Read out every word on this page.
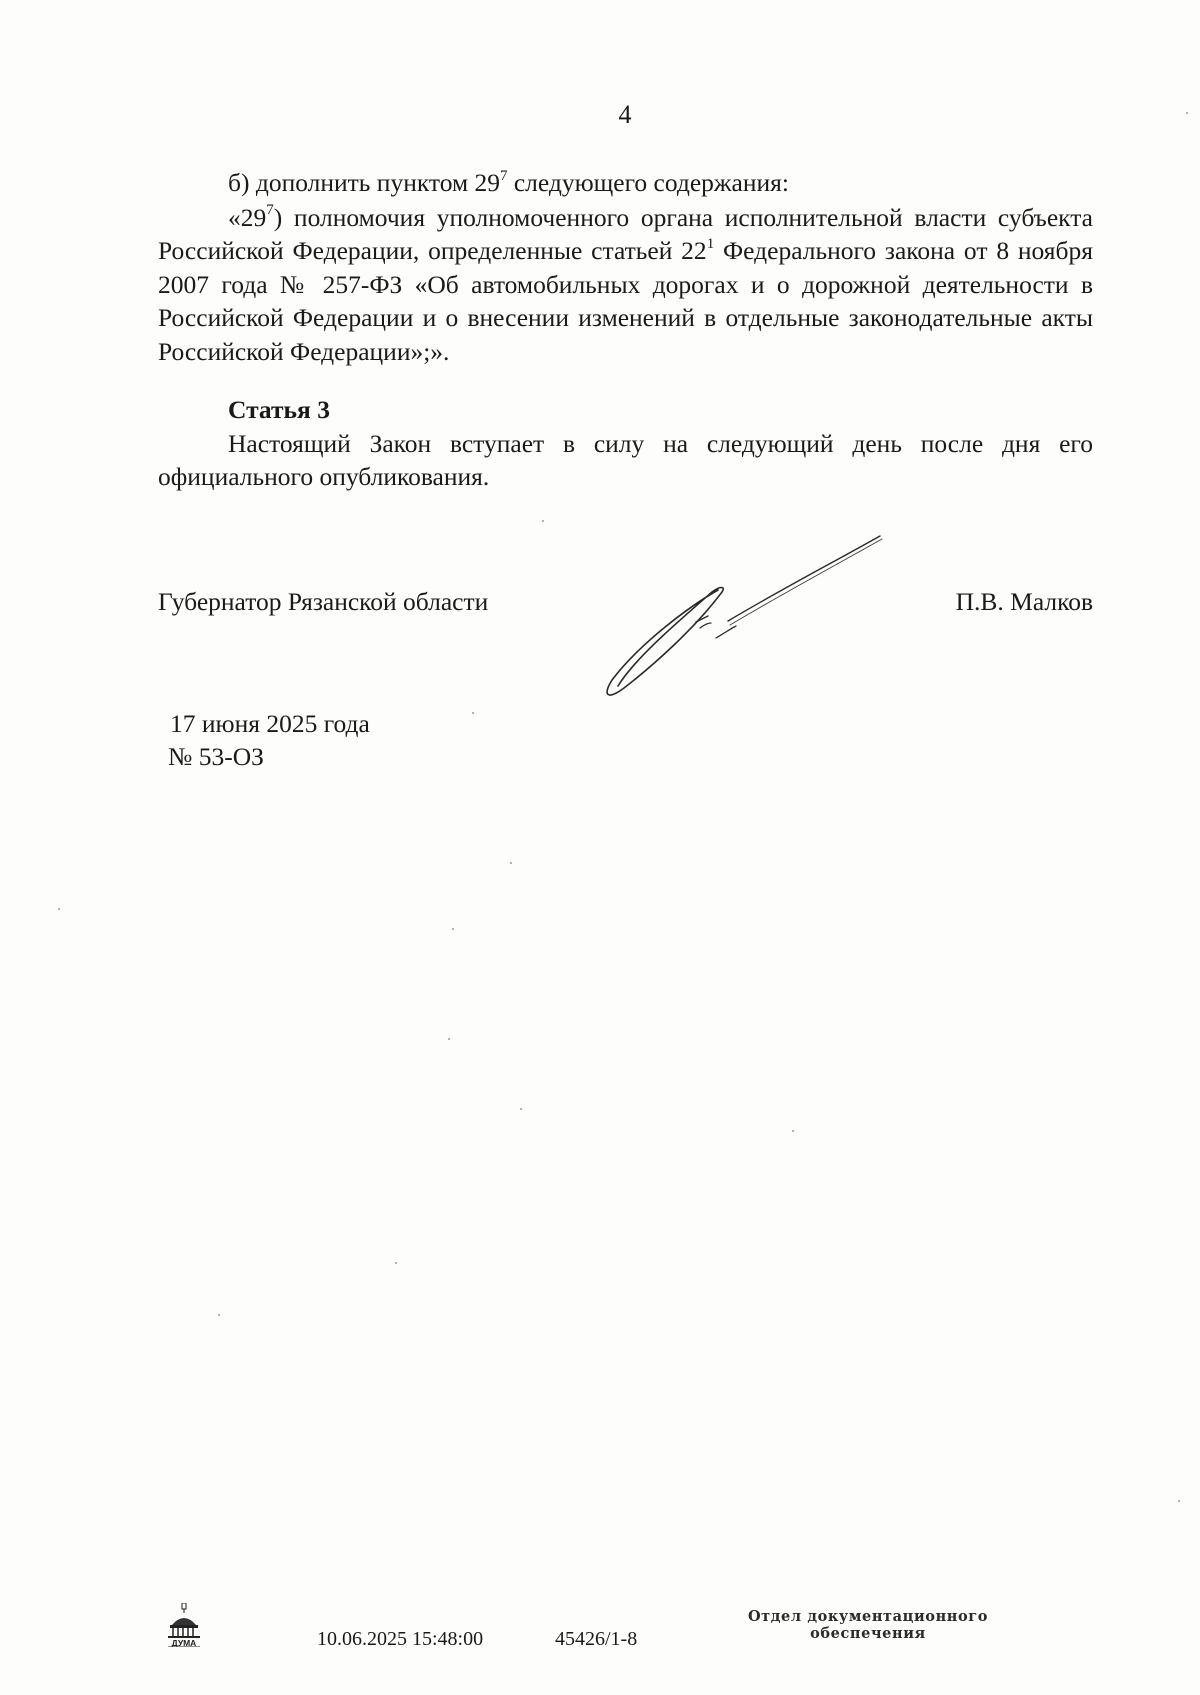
4

б) дополнить пунктом $29^7$ следующего содержания:

«$29^7$) полномочия уполномоченного органа исполнительной власти субъекта Российской Федерации, определенные статьей $22^1$ Федерального закона от 8 ноября 2007 года № 257-ФЗ «Об автомобильных дорогах и о дорожной деятельности в Российской Федерации и о внесении изменений в отдельные законодательные акты Российской Федерации»;».

Статья 3

Настоящий Закон вступает в силу на следующий день после дня его официального опубликования.

Губернатор Рязанской области	П.В. Малков
17 июня 2025 года
№ 53-ОЗ
ДУМА	10.06.2025 15:48:00	45426/1-8
Отдел документационного
обеспечения
